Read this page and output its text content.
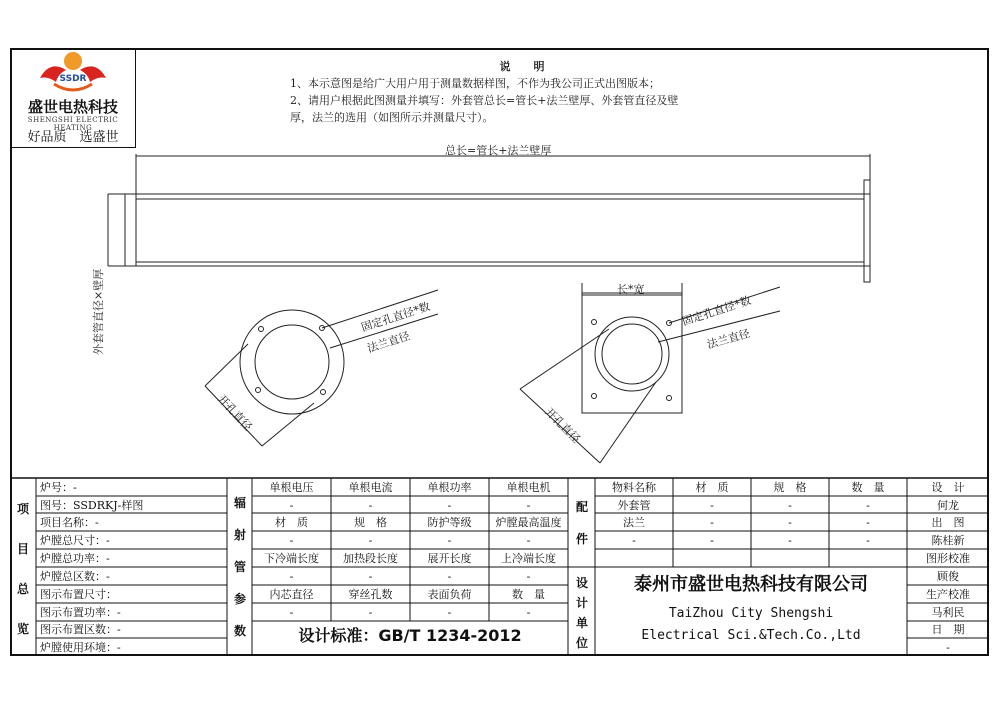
SSDR
盛世电热科技
SHENGSHI ELECTRIC HEATING
好品质　选盛世
说　明
1、本示意图是给广大用户用于测量数据样图，不作为我公司正式出图版本；
2、请用户根据此图测量并填写：外套管总长=管长+法兰壁厚、外套管直径及壁
厚，法兰的选用（如图所示并测量尺寸）。
总长=管长+法兰壁厚
外套管直径×壁厚	固定孔直径*数
法兰直径
开孔直径
长*宽
固定孔直径*数
法兰直径
开孔直径
项
目
总
览
炉号：-
图号：SSDRKJ-样图
项目名称：-
炉膛总尺寸：-
炉膛总功率：-
炉膛总区数：-
图示布置尺寸：
图示布置功率：-
图示布置区数：-
炉膛使用环境：-
辐
射
管
参
数
单根电压	单根电流	单根功率	单根电机
-	-	-	-
材　质	规　格	防护等级	炉膛最高温度
-	-	-	-
下冷端长度	加热段长度	展开长度	上冷端长度
-	-	-	-
内芯直径	穿丝孔数	表面负荷	数　量
-	-	-	-
设计标准：GB/T 1234-2012
配
件
物料名称	材　质	规　格	数　量
外套管	-	-	-
法兰	-	-	-
-	-	-	-
设
计
单
位
泰州市盛世电热科技有限公司
TaiZhou City Shengshi
Electrical Sci.&Tech.Co.,Ltd
设　计
何龙
出　图
陈桂新
图形校准
顾俊
生产校准
马利民
日　期
-
